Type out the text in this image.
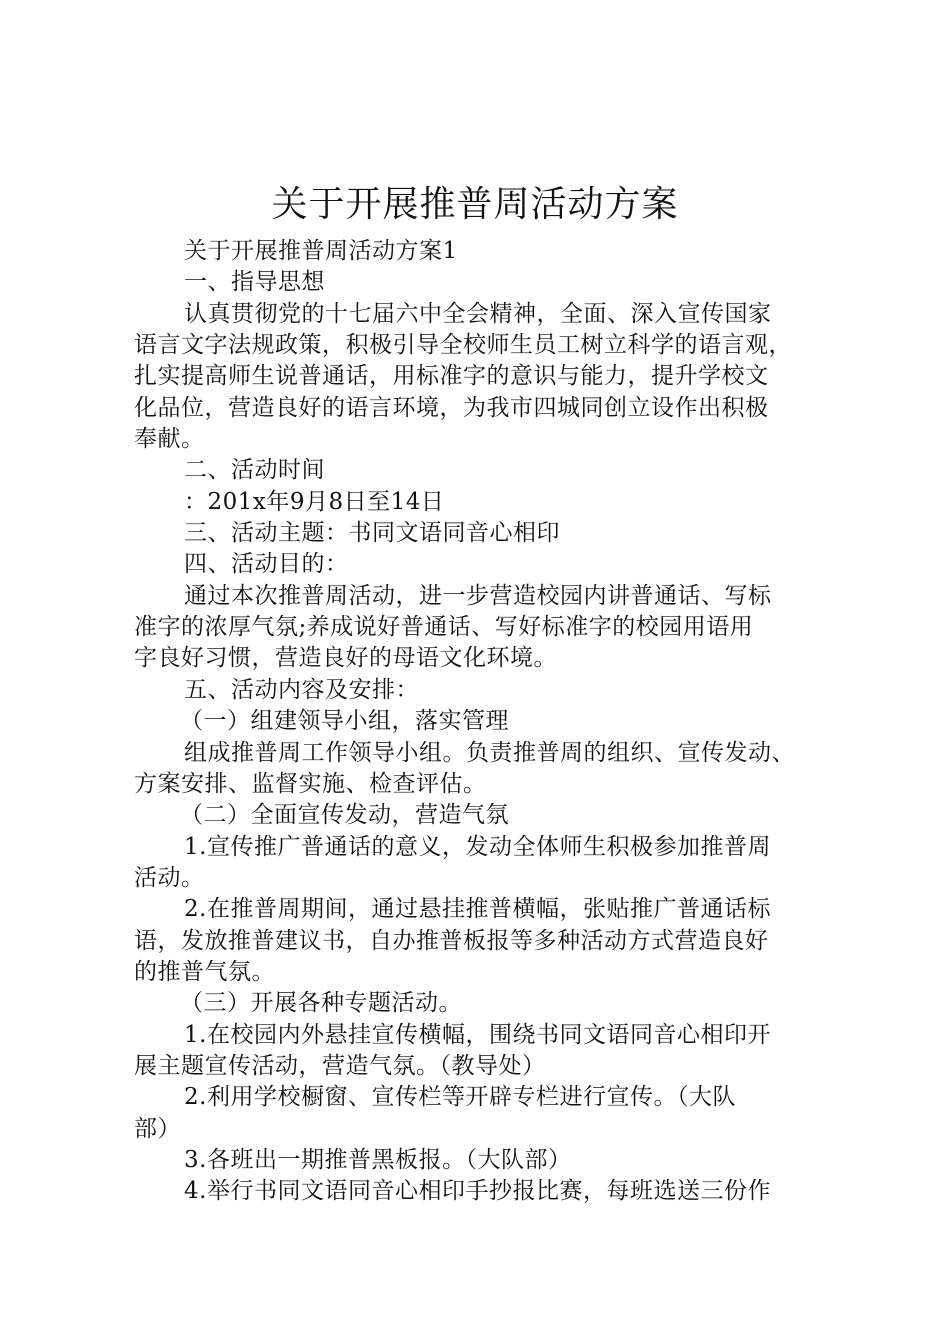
关于开展推普周活动方案
关于开展推普周活动方案1
一、指导思想
认真贯彻党的十七届六中全会精神，全面、深入宣传国家
语言文字法规政策，积极引导全校师生员工树立科学的语言观，
扎实提高师生说普通话，用标准字的意识与能力，提升学校文
化品位，营造良好的语言环境，为我市四城同创立设作出积极
奉献。
二、活动时间
：201x年9月8日至14日
三、活动主题：书同文语同音心相印
四、活动目的：
通过本次推普周活动，进一步营造校园内讲普通话、写标
准字的浓厚气氛;养成说好普通话、写好标准字的校园用语用
字良好习惯，营造良好的母语文化环境。
五、活动内容及安排：
（一）组建领导小组，落实管理
组成推普周工作领导小组。负责推普周的组织、宣传发动、
方案安排、监督实施、检查评估。
（二）全面宣传发动，营造气氛
1.宣传推广普通话的意义，发动全体师生积极参加推普周
活动。
2.在推普周期间，通过悬挂推普横幅，张贴推广普通话标
语，发放推普建议书，自办推普板报等多种活动方式营造良好
的推普气氛。
（三）开展各种专题活动。
1.在校园内外悬挂宣传横幅，围绕书同文语同音心相印开
展主题宣传活动，营造气氛。（教导处）
2.利用学校橱窗、宣传栏等开辟专栏进行宣传。（大队
部）
3.各班出一期推普黑板报。（大队部）
4.举行书同文语同音心相印手抄报比赛，每班选送三份作
